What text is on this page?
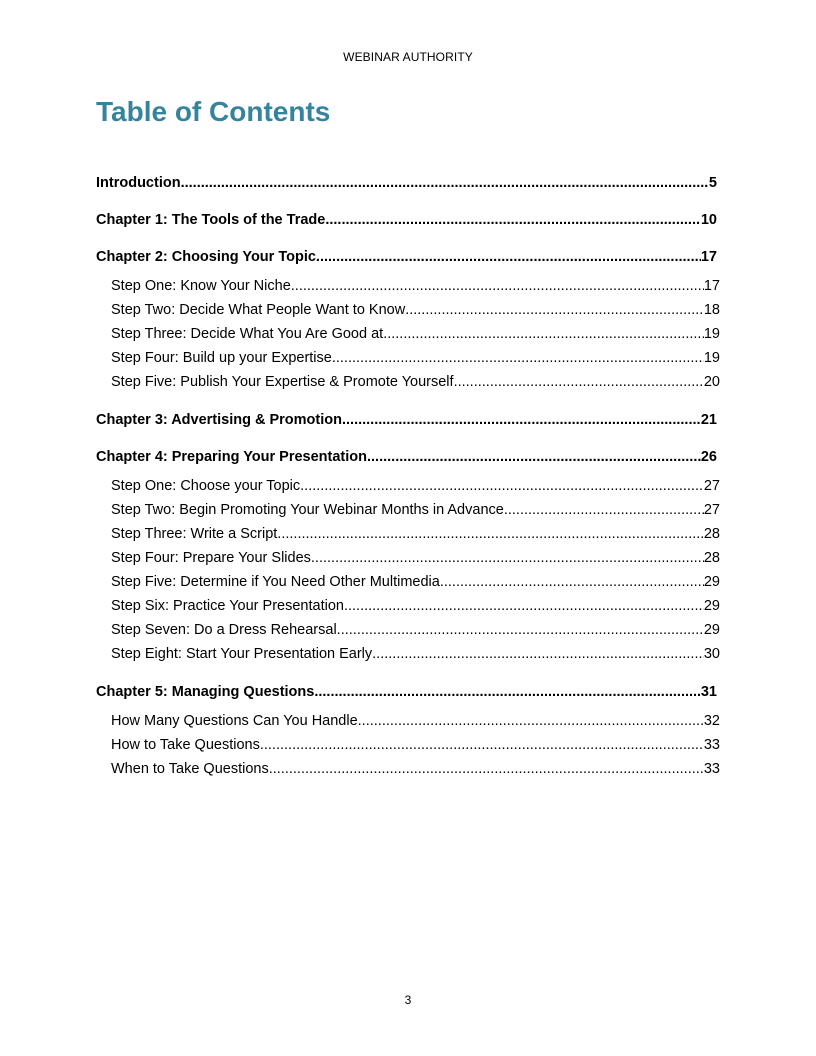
WEBINAR AUTHORITY
Table of Contents
Introduction .....	5
Chapter 1: The Tools of the Trade .....	10
Chapter 2: Choosing Your Topic .....	17
Step One: Know Your Niche .....	17
Step Two: Decide What People Want to Know .....	18
Step Three: Decide What You Are Good at .....	19
Step Four: Build up your Expertise .....	19
Step Five: Publish Your Expertise & Promote Yourself .....	20
Chapter 3: Advertising & Promotion .....	21
Chapter 4: Preparing Your Presentation .....	26
Step One: Choose your Topic .....	27
Step Two: Begin Promoting Your Webinar Months in Advance .....	27
Step Three: Write a Script .....	28
Step Four: Prepare Your Slides .....	28
Step Five: Determine if You Need Other Multimedia .....	29
Step Six: Practice Your Presentation .....	29
Step Seven: Do a Dress Rehearsal .....	29
Step Eight: Start Your Presentation Early .....	30
Chapter 5: Managing Questions .....	31
How Many Questions Can You Handle .....	32
How to Take Questions .....	33
When to Take Questions .....	33
3
